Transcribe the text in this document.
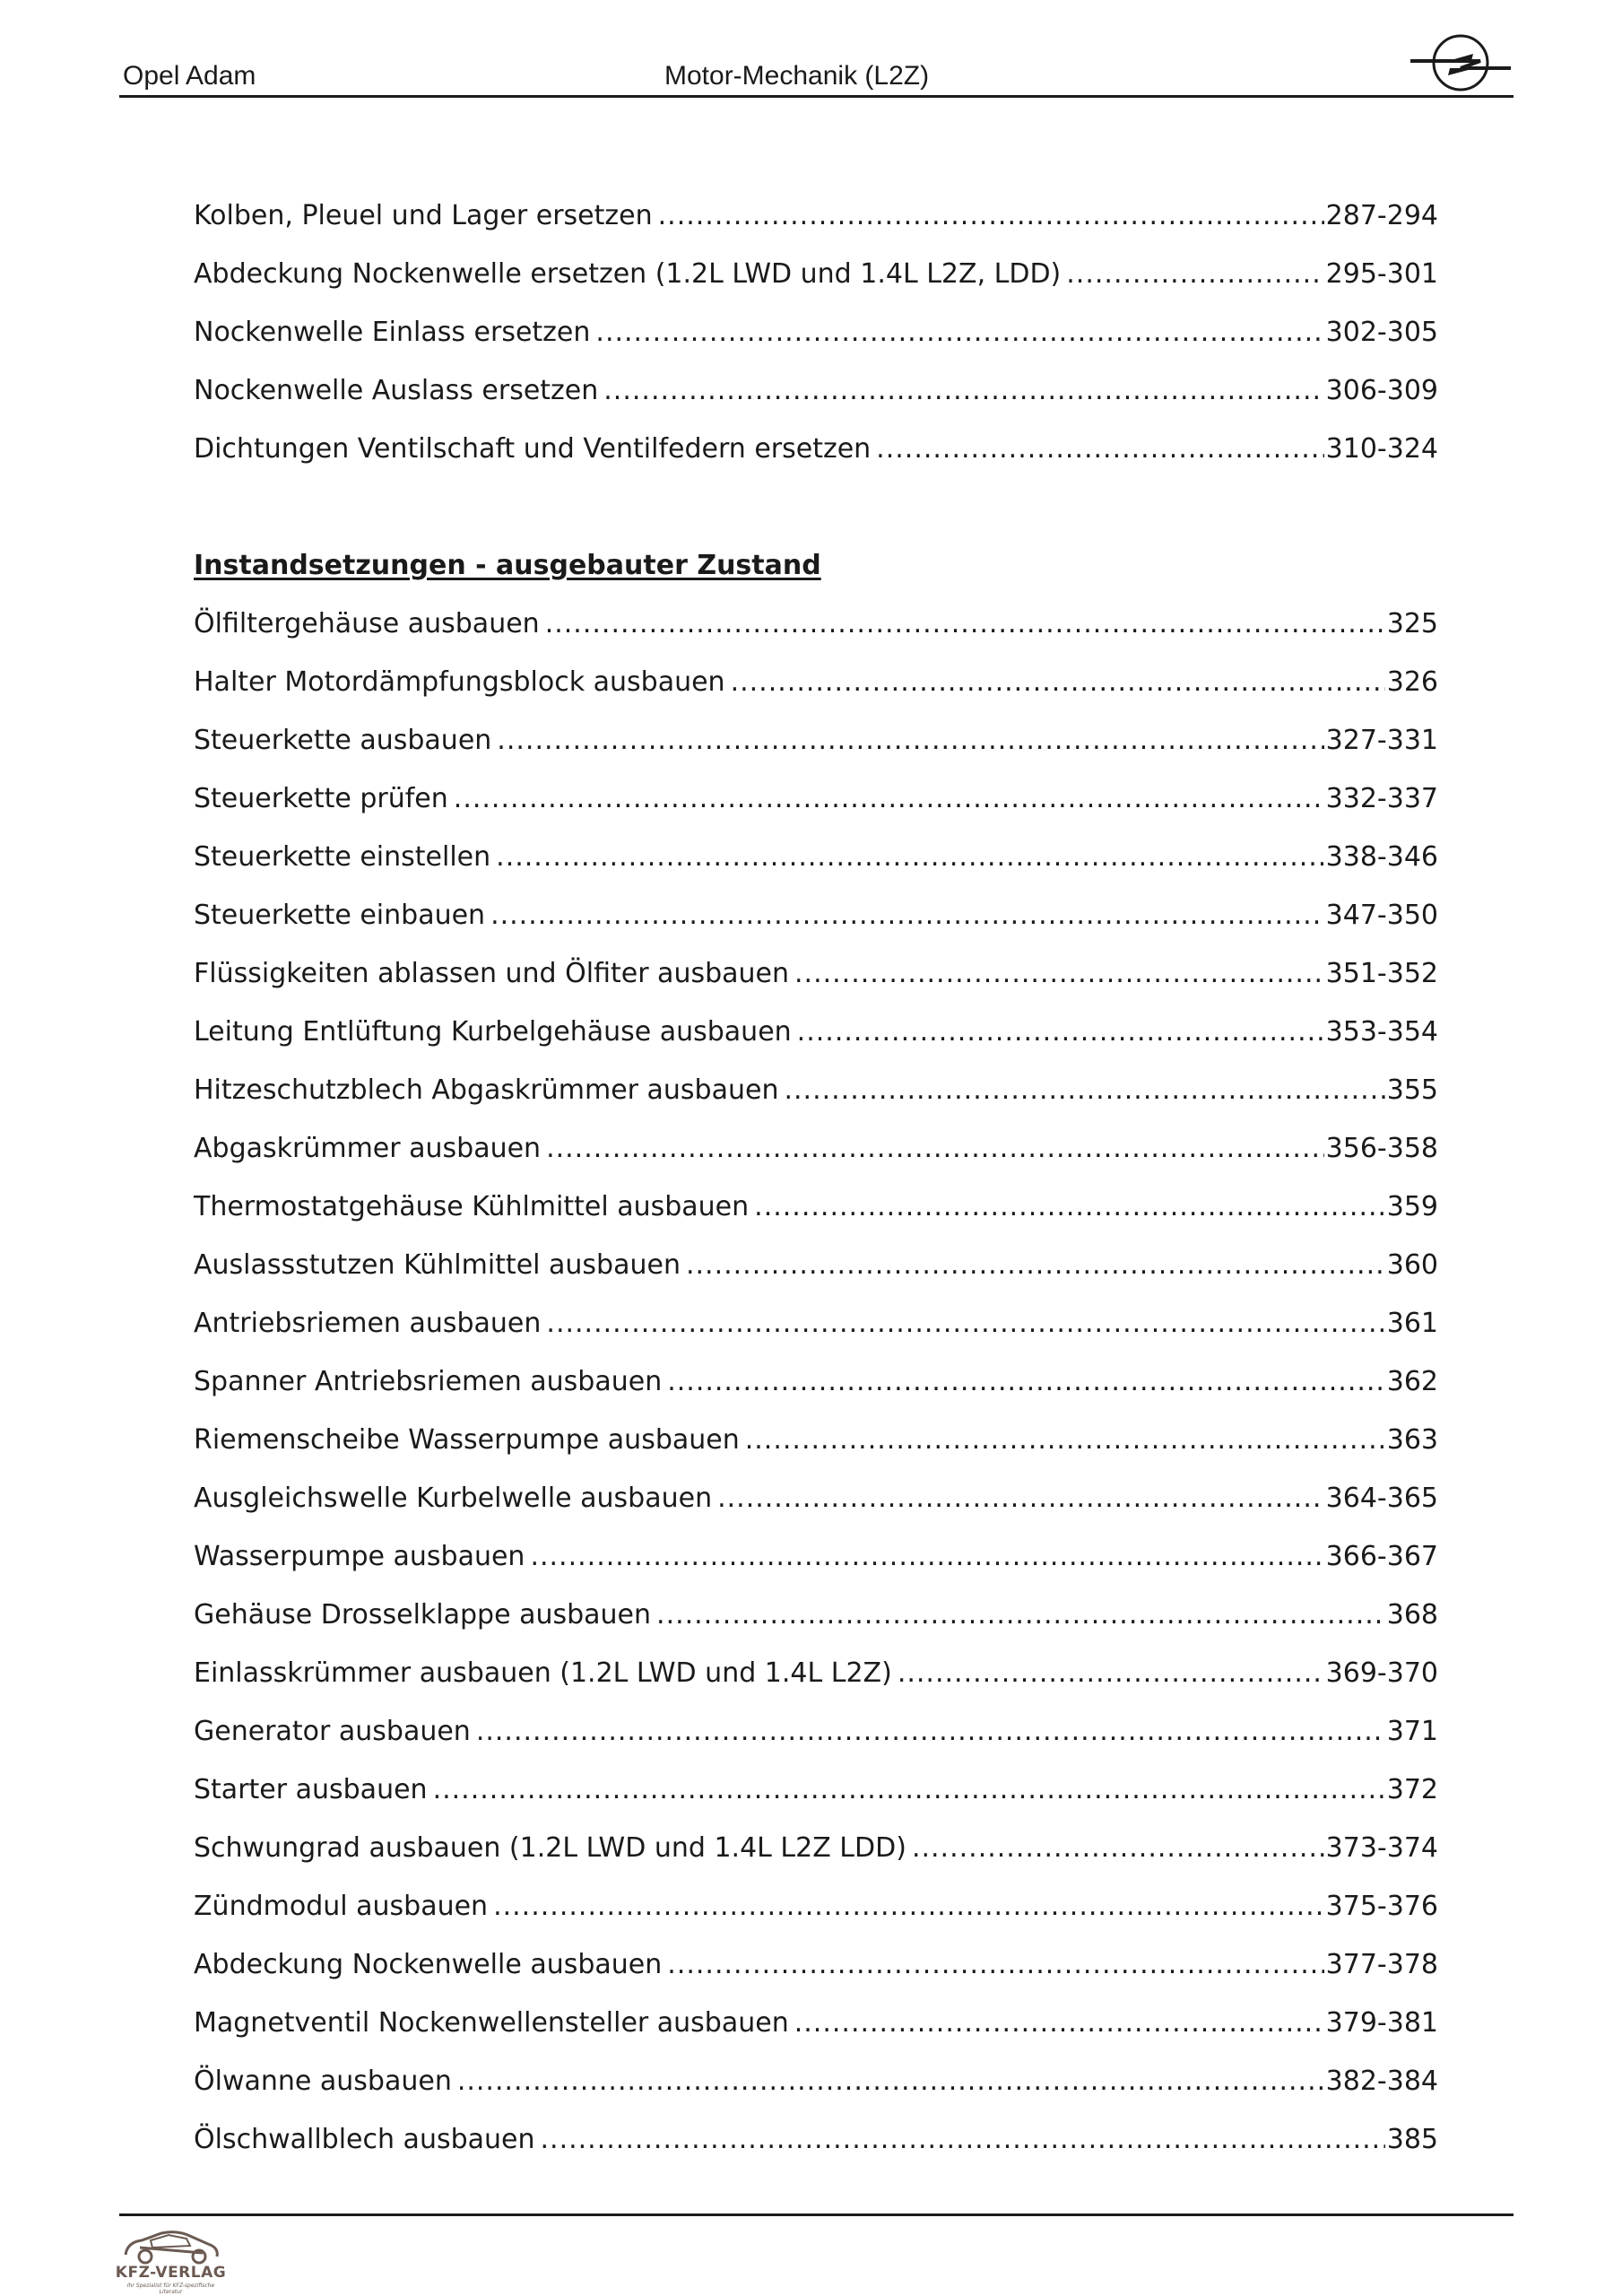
Opel Adam	Motor-Mechanik (L2Z)
Kolben, Pleuel und Lager ersetzen .....	287-294
Abdeckung Nockenwelle ersetzen (1.2L LWD und 1.4L L2Z, LDD) .....	295-301
Nockenwelle Einlass ersetzen .....	302-305
Nockenwelle Auslass ersetzen .....	306-309
Dichtungen Ventilschaft und Ventilfedern ersetzen .....	310-324
Instandsetzungen - ausgebauter Zustand
Ölfiltergehäuse ausbauen .....	325
Halter Motordämpfungsblock ausbauen .....	326
Steuerkette ausbauen .....	327-331
Steuerkette prüfen .....	332-337
Steuerkette einstellen .....	338-346
Steuerkette einbauen .....	347-350
Flüssigkeiten ablassen und Ölfiter ausbauen .....	351-352
Leitung Entlüftung Kurbelgehäuse ausbauen .....	353-354
Hitzeschutzblech Abgaskrümmer ausbauen .....	355
Abgaskrümmer ausbauen .....	356-358
Thermostatgehäuse Kühlmittel ausbauen .....	359
Auslassstutzen Kühlmittel ausbauen .....	360
Antriebsriemen ausbauen .....	361
Spanner Antriebsriemen ausbauen .....	362
Riemenscheibe Wasserpumpe ausbauen .....	363
Ausgleichswelle Kurbelwelle ausbauen .....	364-365
Wasserpumpe ausbauen .....	366-367
Gehäuse Drosselklappe ausbauen .....	368
Einlasskrümmer ausbauen (1.2L LWD und 1.4L L2Z) .....	369-370
Generator ausbauen .....	371
Starter ausbauen .....	372
Schwungrad ausbauen (1.2L LWD und 1.4L L2Z LDD) .....	373-374
Zündmodul ausbauen .....	375-376
Abdeckung Nockenwelle ausbauen .....	377-378
Magnetventil Nockenwellensteller ausbauen .....	379-381
Ölwanne ausbauen .....	382-384
Ölschwallblech ausbauen .....	385
KFZ-VERLAG
Ihr Spezialist für KFZ-spezifische Literatur
